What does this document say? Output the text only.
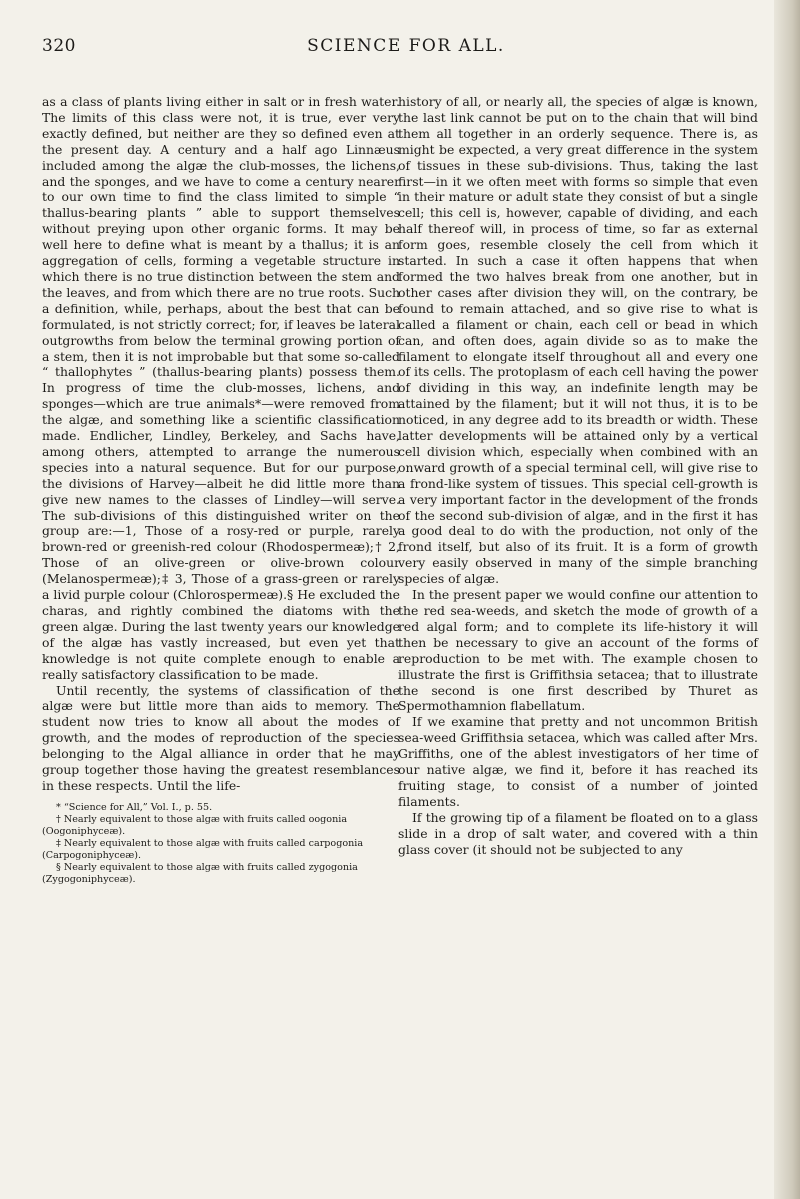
320	SCIENCE FOR ALL.

as a class of plants living either in salt or in fresh water. The limits of this class were not, it is true, ever very exactly defined, but neither are they so defined even at the present day. A century and a half ago Linnæus included among the algæ the club-mosses, the lichens, and the sponges, and we have to come a century nearer to our own time to find the class limited to simple “ thallus-bearing plants ” able to support themselves without preying upon other organic forms. It may be well here to define what is meant by a thallus; it is an aggregation of cells, forming a vegetable structure in which there is no true distinction between the stem and the leaves, and from which there are no true roots. Such a definition, while, perhaps, about the best that can be formulated, is not strictly correct; for, if leaves be lateral outgrowths from below the terminal growing portion of a stem, then it is not improbable but that some so-called “ thallophytes ” (thallus-bearing plants) possess them. In progress of time the club-mosses, lichens, and sponges—which are true animals*—were removed from the algæ, and something like a scientific classification made. Endlicher, Lindley, Berkeley, and Sachs have, among others, attempted to arrange the numerous species into a natural sequence. But for our purpose, the divisions of Harvey—albeit he did little more than give new names to the classes of Lindley—will serve. The sub-divisions of this distinguished writer on the group are:—1, Those of a rosy-red or purple, rarely brown-red or greenish-red colour (Rhodospermeæ);† 2, Those of an olive-green or olive-brown colour (Melanospermeæ);‡ 3, Those of a grass-green or rarely a livid purple colour (Chlorospermeæ).§ He excluded the charas, and rightly combined the diatoms with the green algæ. During the last twenty years our knowledge of the algæ has vastly increased, but even yet that knowledge is not quite complete enough to enable a really satisfactory classification to be made.

Until recently, the systems of classification of the algæ were but little more than aids to memory. The student now tries to know all about the modes of growth, and the modes of reproduction of the species belonging to the Algal alliance in order that he may group together those having the greatest resemblances in these respects. Until the life-

* “Science for All,” Vol. I., p. 55.

† Nearly equivalent to those algæ with fruits called oogonia (Oogoniphyceæ).

‡ Nearly equivalent to those algæ with fruits called carpogonia (Carpogoniphyceæ).

§ Nearly equivalent to those algæ with fruits called zygogonia (Zygogoniphyceæ).

history of all, or nearly all, the species of algæ is known, the last link cannot be put on to the chain that will bind them all together in an orderly sequence. There is, as might be expected, a very great difference in the system of tissues in these sub-divisions. Thus, taking the last first—in it we often meet with forms so simple that even in their mature or adult state they consist of but a single cell; this cell is, however, capable of dividing, and each half thereof will, in process of time, so far as external form goes, resemble closely the cell from which it started. In such a case it often happens that when formed the two halves break from one another, but in other cases after division they will, on the contrary, be found to remain attached, and so give rise to what is called a filament or chain, each cell or bead in which can, and often does, again divide so as to make the filament to elongate itself throughout all and every one of its cells. The protoplasm of each cell having the power of dividing in this way, an indefinite length may be attained by the filament; but it will not thus, it is to be noticed, in any degree add to its breadth or width. These latter developments will be attained only by a vertical cell division which, especially when combined with an onward growth of a special terminal cell, will give rise to a frond-like system of tissues. This special cell-growth is a very important factor in the development of the fronds of the second sub-division of algæ, and in the first it has a good deal to do with the production, not only of the frond itself, but also of its fruit. It is a form of growth very easily observed in many of the simple branching species of algæ.

In the present paper we would confine our attention to the red sea-weeds, and sketch the mode of growth of a red algal form; and to complete its life-history it will then be necessary to give an account of the forms of reproduction to be met with. The example chosen to illustrate the first is Griffithsia setacea; that to illustrate the second is one first described by Thuret as Spermothamnion flabellatum.

If we examine that pretty and not uncommon British sea-weed Griffithsia setacea, which was called after Mrs. Griffiths, one of the ablest investigators of her time of our native algæ, we find it, before it has reached its fruiting stage, to consist of a number of jointed filaments.

If the growing tip of a filament be floated on to a glass slide in a drop of salt water, and covered with a thin glass cover (it should not be subjected to any
